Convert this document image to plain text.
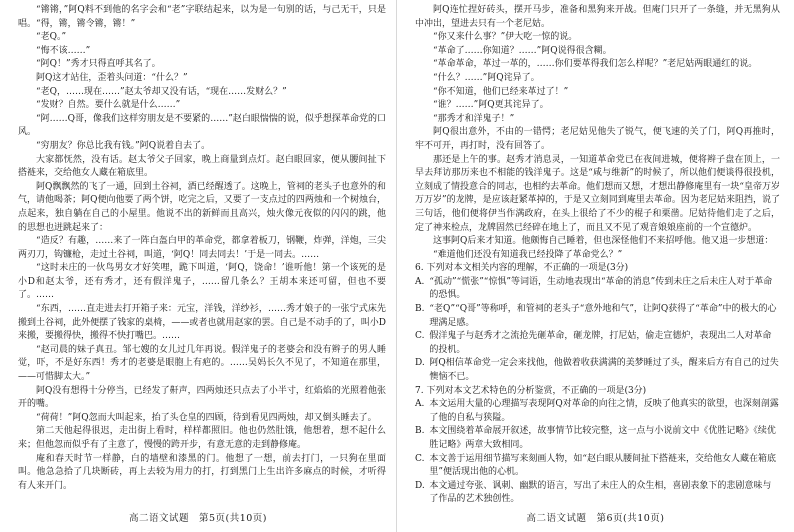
“锵锵，”阿Q料不到他的名字会和“老”字联结起来，以为是一句别的话，与己无干，只是唱。“得，锵，锵令锵，锵！”

“老Q。”

“悔不该……”

“阿Q！”秀才只得直呼其名了。

阿Q这才站住，歪着头问道：“什么？”

“老Q，……现在……”赵太爷却又没有话，“现在……发财么？”

“发财？自然。要什么就是什么……”

“阿……Q哥，像我们这样穷朋友是不要紧的……”赵白眼惴惴的说，似乎想探革命党的口风。

“穷朋友？你总比我有钱。”阿Q说着自去了。

大家都怃然，没有话。赵太爷父子回家，晚上商量到点灯。赵白眼回家，便从腰间扯下搭裢来，交给他女人藏在箱底里。

阿Q飘飘然的飞了一通，回到土谷祠，酒已经醒透了。这晚上，管祠的老头子也意外的和气，请他喝茶；阿Q便向他要了两个饼，吃完之后，又要了一支点过的四两烛和一个树烛台，点起来，独自躺在自己的小屋里。他说不出的新鲜而且高兴，烛火像元夜似的闪闪的跳，他的思想也迸跳起来了：

“造反？有趣，……来了一阵白盔白甲的革命党，都拿着板刀，钢鞭，炸弹，洋炮，三尖两刃刀，钩镰枪，走过土谷祠，叫道，‘阿Q！同去同去！’于是一同去。……

“这时未庄的一伙鸟男女才好笑哩，跪下叫道，‘阿Q，饶命！’谁听他！第一个该死的是小D和赵太爷，还有秀才，还有假洋鬼子，……留几条么？王胡本来还可留，但也不要了。……

“东西，……直走进去打开箱子来：元宝，洋钱，洋纱衫，……秀才娘子的一张宁式床先搬到土谷祠，此外便摆了钱家的桌椅，——或者也就用赵家的罢。自己是不动手的了，叫小D来搬，要搬得快，搬得不快打嘴巴。……

“赵司晨的妹子真丑。邹七嫂的女儿过几年再说。假洋鬼子的老婆会和没有辫子的男人睡觉，吓，不是好东西！秀才的老婆是眼胞上有疤的。……吴妈长久不见了，不知道在那里，——可惜脚太大。”

阿Q没有想得十分停当，已经发了鼾声，四两烛还只点去了小半寸，红焰焰的光照着他张开的嘴。

“荷荷！”阿Q忽而大叫起来，抬了头仓皇的四顾，待到看见四两烛，却又倒头睡去了。

第二天他起得很迟，走出街上看时，样样都照旧。他也仍然肚饿，他想着，想不起什么来；但他忽而似乎有了主意了，慢慢的跨开步，有意无意的走到静修庵。

庵和春天时节一样静，白的墙壁和漆黑的门。他想了一想，前去打门，一只狗在里面叫。他急急拾了几块断砖，再上去较为用力的打，打到黑门上生出许多麻点的时候，才听得有人来开门。

高二语文试题　第5页(共10页)

阿Q连忙捏好砖头，摆开马步，准备和黑狗来开战。但庵门只开了一条缝，并无黑狗从中冲出，望进去只有一个老尼姑。

“你又来什么事？”伊大吃一惊的说。

“革命了……你知道？……”阿Q说得很含糊。

“革命革命，革过一革的，……你们要革得我们怎么样呢？”老尼姑两眼通红的说。

“什么？……”阿Q诧异了。

“你不知道，他们已经来革过了！”

“谁？……”阿Q更其诧异了。

“那秀才和洋鬼子！”

阿Q很出意外，不由的一错愕；老尼姑见他失了锐气，便飞速的关了门，阿Q再推时，牢不可开，再打时，没有回答了。

那还是上午的事。赵秀才消息灵，一知道革命党已在夜间进城，便将辫子盘在顶上，一早去拜访那历来也不相能的钱洋鬼子。这是“咸与维新”的时候了，所以他们便谈得很投机，立刻成了情投意合的同志，也相约去革命。他们想而又想，才想出静修庵里有一块“皇帝万岁万万岁”的龙牌，是应该赶紧革掉的，于是又立刻同到庵里去革命。因为老尼姑来阻挡，说了三句话，他们便将伊当作满政府，在头上很给了不少的棍子和栗凿。尼姑待他们走了之后，定了神来检点，龙牌固然已经碎在地上了，而且又不见了观音娘娘座前的一个宣德炉。

这事阿Q后来才知道。他颇悔自己睡着，但也深怪他们不来招呼他。他又退一步想道：

“难道他们还没有知道我已经投降了革命党么？”

6. 下列对本文相关内容的理解，不正确的一项是(3分)

A. “孤动”“慌张”“惊惧”等词语，生动地表现出“革命的消息”传到未庄之后未庄人对于革命的恐惧。

B. “老Q”“Q哥”等称呼，和管祠的老头子“意外地和气”，让阿Q获得了“革命”中的极大的心理满足感。

C. 假洋鬼子与赵秀才之流抢先砸革命，砸龙牌，打尼姑，偷走宣德炉，表现出二人对革命的投机。

D. 阿Q相信革命党一定会来找他，他做着收获满满的美梦睡过了头，醒来后方有自己的过失懊恼不已。

7. 下列对本文艺术特色的分析鉴赏，不正确的一项是(3分)

A. 本文运用大量的心理描写表现阿Q对革命的向往之情，反映了他真实的欲望，也深刻剖露了他的自私与狭隘。

B. 本文围绕着革命展开叙述，故事情节比较完整，这一点与小说前文中《优胜记略》《续优胜记略》两章大致相同。

C. 本文善于运用细节描写来刻画人物，如“赵白眼从腰间扯下搭裢来，交给他女人藏在箱底里”便活现出他的心机。

D. 本文通过夸张、讽刺、幽默的语言，写出了未庄人的众生相，喜剧表象下的悲剧意味与了作品的艺术独创性。

高二语文试题　第6页(共10页)
